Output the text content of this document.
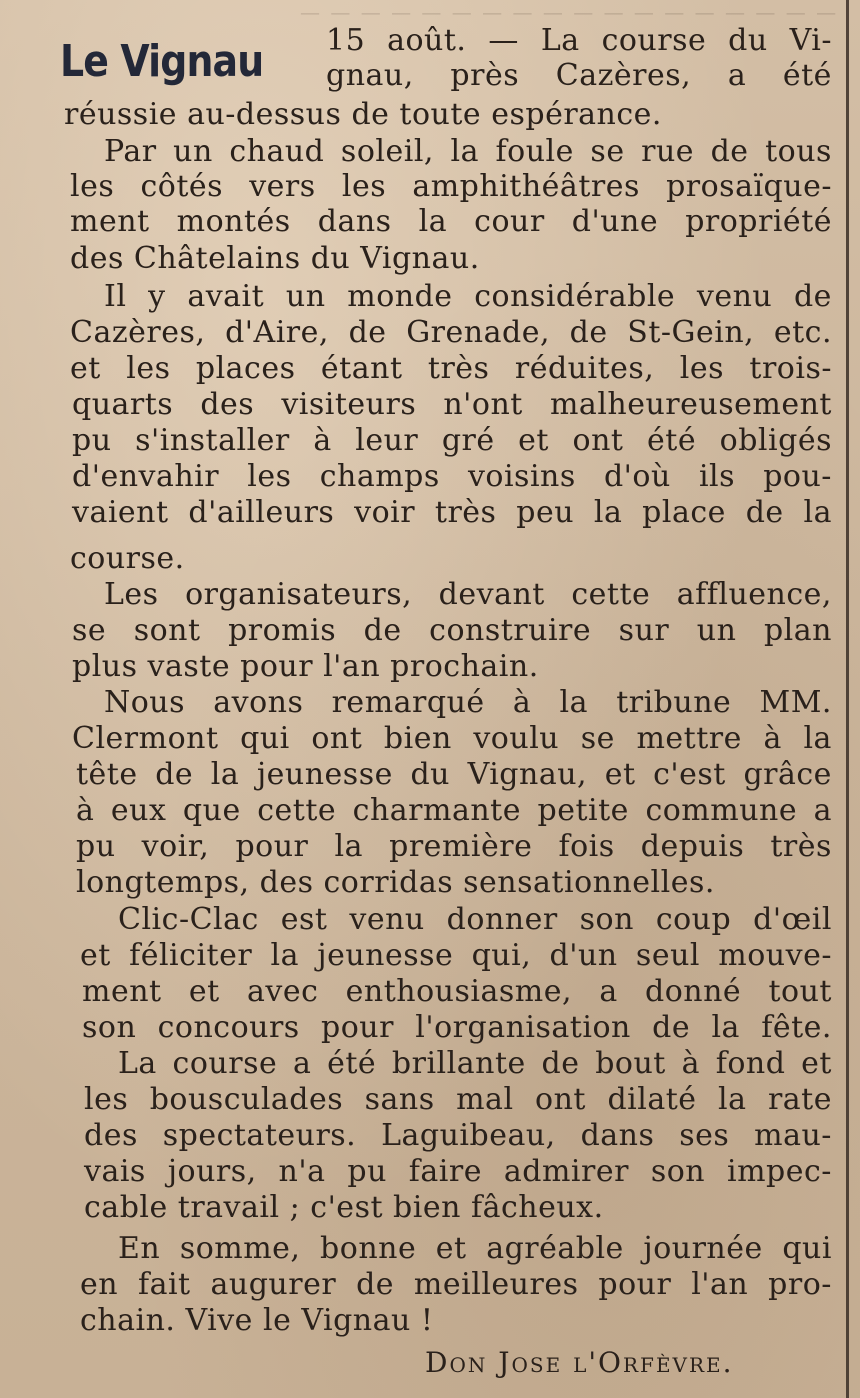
— — — — — — — — — — — — — — — — — —
Le Vignau 15 août. — La course du Vi-
gnau, près Cazères, a été
réussie au-dessus de toute espérance.
Par un chaud soleil, la foule se rue de tous
les côtés vers les amphithéâtres prosaïque-
ment montés dans la cour d'une propriété
des Châtelains du Vignau.
Il y avait un monde considérable venu de
Cazères, d'Aire, de Grenade, de St-Gein, etc.
et les places étant très réduites, les trois-
quarts des visiteurs n'ont malheureusement
pu s'installer à leur gré et ont été obligés
d'envahir les champs voisins d'où ils pou-
vaient d'ailleurs voir très peu la place de la
course.
Les organisateurs, devant cette affluence,
se sont promis de construire sur un plan
plus vaste pour l'an prochain.
Nous avons remarqué à la tribune MM.
Clermont qui ont bien voulu se mettre à la
tête de la jeunesse du Vignau, et c'est grâce
à eux que cette charmante petite commune a
pu voir, pour la première fois depuis très
longtemps, des corridas sensationnelles.
Clic-Clac est venu donner son coup d'œil
et féliciter la jeunesse qui, d'un seul mouve-
ment et avec enthousiasme, a donné tout
son concours pour l'organisation de la fête.
La course a été brillante de bout à fond et
les bousculades sans mal ont dilaté la rate
des spectateurs. Laguibeau, dans ses mau-
vais jours, n'a pu faire admirer son impec-
cable travail ; c'est bien fâcheux.
En somme, bonne et agréable journée qui
en fait augurer de meilleures pour l'an pro-
chain. Vive le Vignau !
Don Jose l'Orfèvre.
